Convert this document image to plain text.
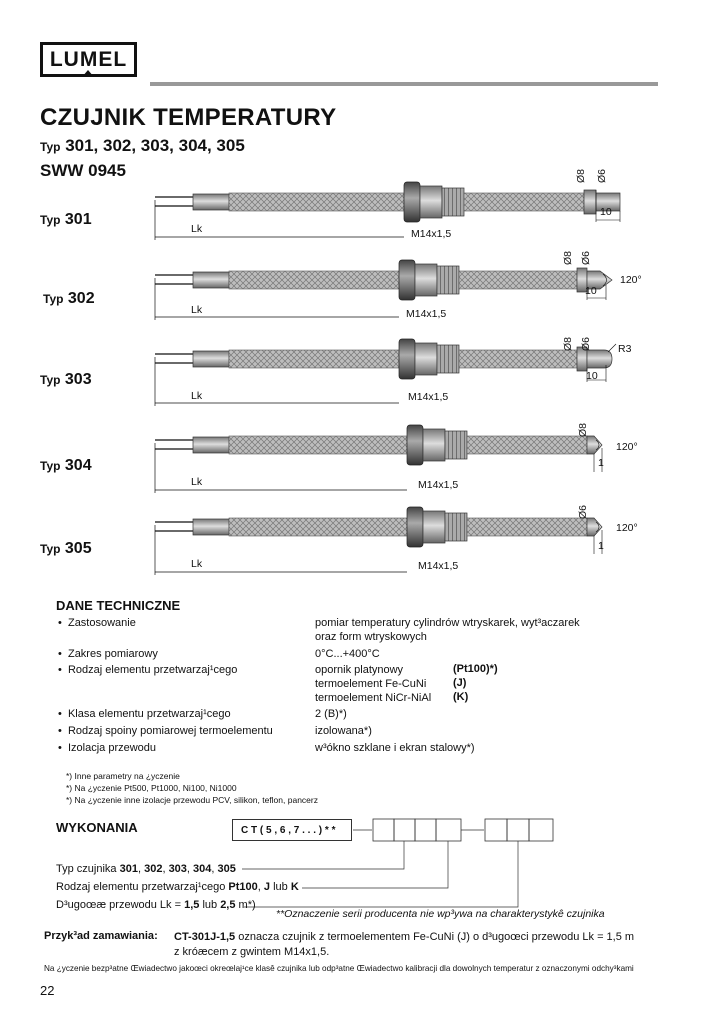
LUMEL
CZUJNIK TEMPERATURY
Typ 301, 302, 303, 304, 305
SWW 0945
Typ 301
Typ 302
Typ 303
Typ 304
Typ 305
Lk	M14x1,5
Ø8 Ø6
10
Lk	M14x1,5
Ø8 Ø6
10
120°
Lk	M14x1,5
Ø8 Ø6
10
R3
Lk	M14x1,5
Ø8
1
120°
Lk	M14x1,5
Ø6
1
120°
DANE TECHNICZNE
•  Zastosowanie	pomiar temperatury cylindrów wtryskarek, wyt³aczarek
oraz form wtryskowych
•  Zakres pomiarowy	0°C...+400°C
•  Rodzaj elementu przetwarzaj¹cego	opornik platynowy	(Pt100)*)
termoelement Fe-CuNi (J)
termoelement NiCr-NiAl (K)
•  Klasa elementu przetwarzaj¹cego	2 (B)*)
•  Rodzaj spoiny pomiarowej termoelementu	izolowana*)
•  Izolacja przewodu	w³ókno szklane i ekran stalowy*)
*) Inne parametry na ¿yczenie
*) Na ¿yczenie Pt500, Pt1000, Ni100, Ni1000
*) Na ¿yczenie inne izolacje przewodu PCV, silikon, teflon, pancerz
WYKONANIA	C T ( 5 , 6 , 7 . . . ) * *
Typ czujnika 301, 302, 303, 304, 305
Rodzaj elementu przetwarzaj¹cego Pt100, J lub K
D³ugoœæ przewodu Lk = 1,5 lub 2,5 m*)
**Oznaczenie serii producenta nie wp³ywa na charakterystykê czujnika
Przyk³ad zamawiania: CT-301J-1,5 oznacza czujnik z termoelementem Fe-CuNi (J) o d³ugoœci przewodu Lk = 1,5 m
z króæcem z gwintem M14x1,5.
Na ¿yczenie bezp³atne Œwiadectwo jakoœci okreœlaj¹ce klasê czujnika lub odp³atne Œwiadectwo kalibracji dla dowolnych temperatur z oznaczonymi odchy³kami
22
